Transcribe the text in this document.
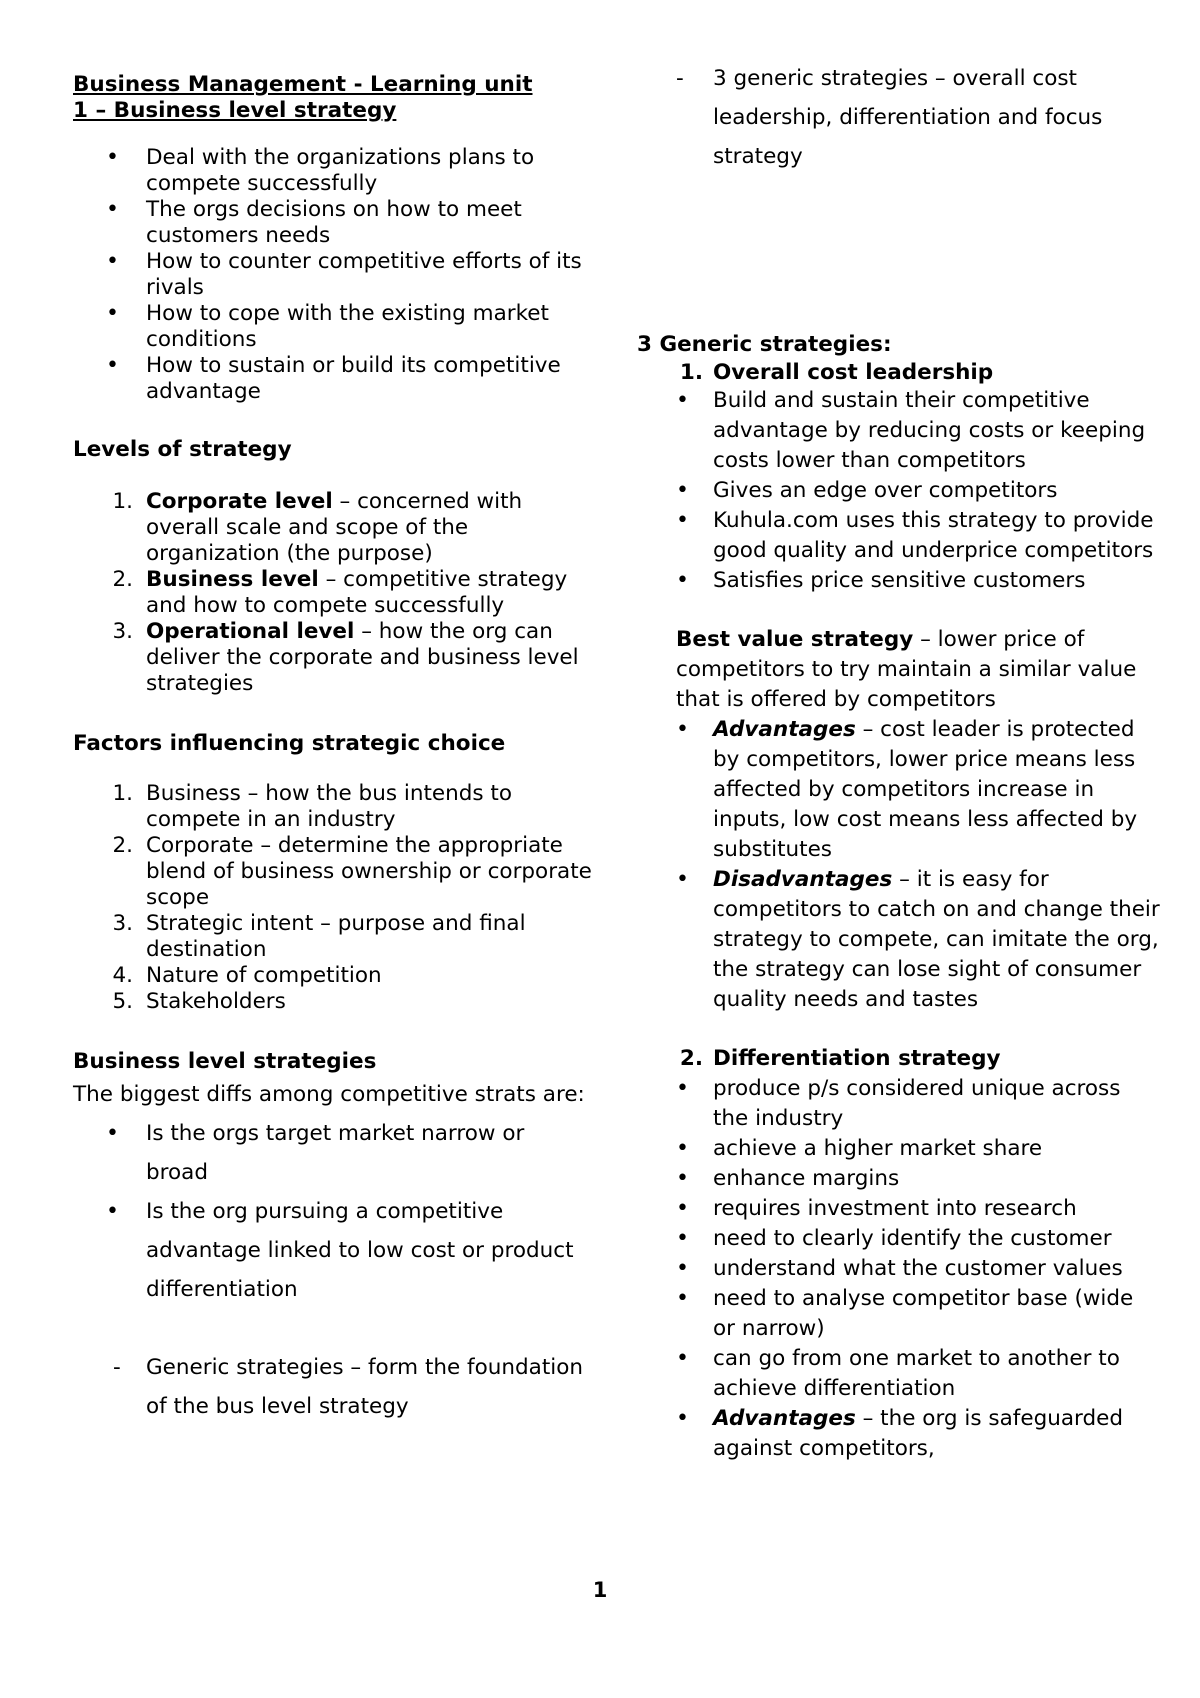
Business Management - Learning unit
1 – Business level strategy

• Deal with the organizations plans to compete successfully
• The orgs decisions on how to meet customers needs
• How to counter competitive efforts of its rivals
• How to cope with the existing market conditions
• How to sustain or build its competitive advantage

Levels of strategy

1. Corporate level – concerned with overall scale and scope of the organization (the purpose)
2. Business level – competitive strategy and how to compete successfully
3. Operational level – how the org can deliver the corporate and business level strategies

Factors influencing strategic choice

1. Business – how the bus intends to compete in an industry
2. Corporate – determine the appropriate blend of business ownership or corporate scope
3. Strategic intent – purpose and final destination
4. Nature of competition
5. Stakeholders

Business level strategies

The biggest diffs among competitive strats are:

• Is the orgs target market narrow or broad
• Is the org pursuing a competitive advantage linked to low cost or product differentiation
- Generic strategies – form the foundation of the bus level strategy
- 3 generic strategies – overall cost leadership, differentiation and focus strategy

3 Generic strategies:

1. Overall cost leadership
• Build and sustain their competitive advantage by reducing costs or keeping costs lower than competitors
• Gives an edge over competitors
• Kuhula.com uses this strategy to provide good quality and underprice competitors
• Satisfies price sensitive customers

Best value strategy – lower price of competitors to try maintain a similar value that is offered by competitors

• Advantages – cost leader is protected by competitors, lower price means less affected by competitors increase in inputs, low cost means less affected by substitutes
• Disadvantages – it is easy for competitors to catch on and change their strategy to compete, can imitate the org, the strategy can lose sight of consumer quality needs and tastes
2. Differentiation strategy
• produce p/s considered unique across the industry
• achieve a higher market share
• enhance margins
• requires investment into research
• need to clearly identify the customer
• understand what the customer values
• need to analyse competitor base (wide or narrow)
• can go from one market to another to achieve differentiation
• Advantages – the org is safeguarded against competitors,
1
